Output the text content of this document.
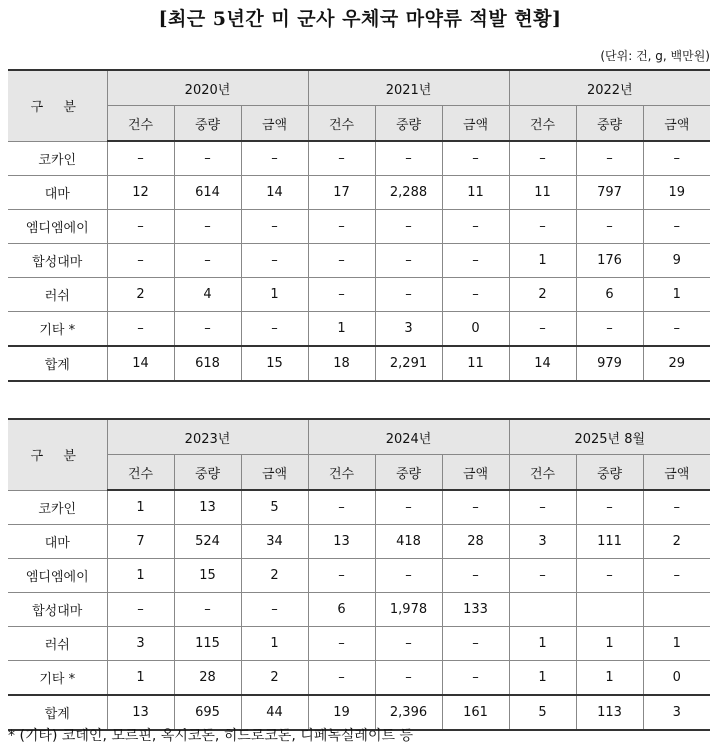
[최근 5년간 미 군사 우체국 마약류 적발 현황]
(단위: 건, g, 백만원)
구 분	2020년			2021년			2022년		
	건수	중량	금액	건수	중량	금액	건수	중량	금액
코카인	–	–	–	–	–	–	–	–	–
대마	12	614	14	17	2,288	11	11	797	19
엠디엠에이	–	–	–	–	–	–	–	–	–
합성대마	–	–	–	–	–	–	1	176	9
러쉬	2	4	1	–	–	–	2	6	1
기타 *	–	–	–	1	3	0	–	–	–
합계	14	618	15	18	2,291	11	14	979	29
구 분	2023년			2024년			2025년 8월		
	건수	중량	금액	건수	중량	금액	건수	중량	금액
코카인	1	13	5	–	–	–	–	–	–
대마	7	524	34	13	418	28	3	111	2
엠디엠에이	1	15	2	–	–	–	–	–	–
합성대마	–	–	–	6	1,978	133			
러쉬	3	115	1	–	–	–	1	1	1
기타 *	1	28	2	–	–	–	1	1	0
합계	13	695	44	19	2,396	161	5	113	3
* (기타) 코데인, 모르핀, 옥시코돈, 히드로코돈, 디페녹실레이트 등
